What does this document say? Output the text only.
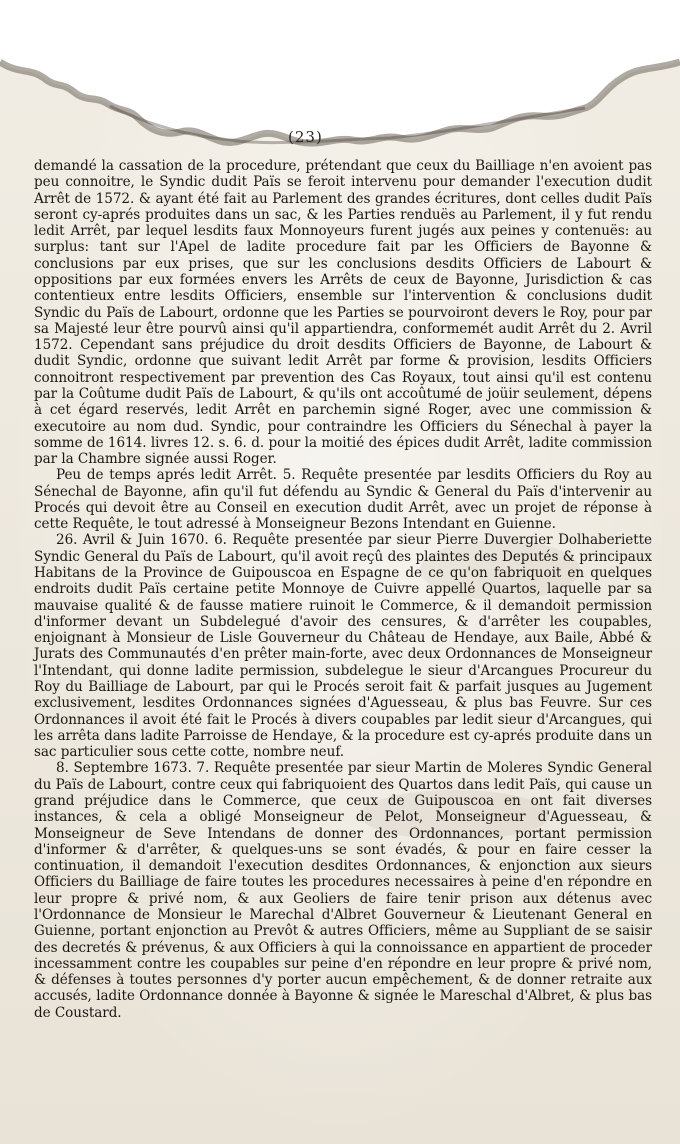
(23)

demandé la cassation de la procedure, prétendant que ceux du Bailliage n'en avoient pas peu connoitre, le Syndic dudit Païs se feroit intervenu pour demander l'execution dudit Arrêt de 1572. & ayant été fait au Parlement des grandes écritures, dont celles dudit Païs seront cy-aprés produites dans un sac, & les Parties renduës au Parlement, il y fut rendu ledit Arrêt, par lequel lesdits faux Monnoyeurs furent jugés aux peines y contenuës: au surplus: tant sur l'Apel de ladite procedure fait par les Officiers de Bayonne & conclusions par eux prises, que sur les conclusions desdits Officiers de Labourt & oppositions par eux formées envers les Arrêts de ceux de Bayonne, Jurisdiction & cas contentieux entre lesdits Officiers, ensemble sur l'intervention & conclusions dudit Syndic du Païs de Labourt, ordonne que les Parties se pourvoiront devers le Roy, pour par sa Majesté leur être pourvû ainsi qu'il appartiendra, conformemét audit Arrêt du 2. Avril 1572. Cependant sans préjudice du droit desdits Officiers de Bayonne, de Labourt & dudit Syndic, ordonne que suivant ledit Arrêt par forme & provision, lesdits Officiers connoitront respectivement par prevention des Cas Royaux, tout ainsi qu'il est contenu par la Coûtume dudit Païs de Labourt, & qu'ils ont accoûtumé de joüir seulement, dépens à cet égard reservés, ledit Arrêt en parchemin signé Roger, avec une commission & executoire au nom dud. Syndic, pour contraindre les Officiers du Sénechal à payer la somme de 1614. livres 12. s. 6. d. pour la moitié des épices dudit Arrêt, ladite commission par la Chambre signée aussi Roger.

Peu de temps aprés ledit Arrêt. 5. Requête presentée par lesdits Officiers du Roy au Sénechal de Bayonne, afin qu'il fut défendu au Syndic & General du Païs d'intervenir au Procés qui devoit être au Conseil en execution dudit Arrêt, avec un projet de réponse à cette Requête, le tout adressé à Monseigneur Bezons Intendant en Guienne.

26. Avril & Juin 1670. 6. Requête presentée par sieur Pierre Duvergier Dolhaberiette Syndic General du Païs de Labourt, qu'il avoit reçû des plaintes des Deputés & principaux Habitans de la Province de Guipouscoa en Espagne de ce qu'on fabriquoit en quelques endroits dudit Païs certaine petite Monnoye de Cuivre appellé Quartos, laquelle par sa mauvaise qualité & de fausse matiere ruinoit le Commerce, & il demandoit permission d'informer devant un Subdelegué d'avoir des censures, & d'arrêter les coupables, enjoignant à Monsieur de Lisle Gouverneur du Château de Hendaye, aux Baile, Abbé & Jurats des Communautés d'en prêter main-forte, avec deux Ordonnances de Monseigneur l'Intendant, qui donne ladite permission, subdelegue le sieur d'Arcangues Procureur du Roy du Bailliage de Labourt, par qui le Procés seroit fait & parfait jusques au Jugement exclusivement, lesdites Ordonnances signées d'Aguesseau, & plus bas Feuvre. Sur ces Ordonnances il avoit été fait le Procés à divers coupables par ledit sieur d'Arcangues, qui les arrêta dans ladite Parroisse de Hendaye, & la procedure est cy-aprés produite dans un sac particulier sous cette cotte, nombre neuf.

8. Septembre 1673. 7. Requête presentée par sieur Martin de Moleres Syndic General du Païs de Labourt, contre ceux qui fabriquoient des Quartos dans ledit Païs, qui cause un grand préjudice dans le Commerce, que ceux de Guipouscoa en ont fait diverses instances, & cela a obligé Monseigneur de Pelot, Monseigneur d'Aguesseau, & Monseigneur de Seve Intendans de donner des Ordonnances, portant permission d'informer & d'arrêter, & quelques-uns se sont évadés, & pour en faire cesser la continuation, il demandoit l'execution desdites Ordonnances, & enjonction aux sieurs Officiers du Bailliage de faire toutes les procedures necessaires à peine d'en répondre en leur propre & privé nom, & aux Geoliers de faire tenir prison aux détenus avec l'Ordonnance de Monsieur le Marechal d'Albret Gouverneur & Lieutenant General en Guienne, portant enjonction au Prevôt & autres Officiers, même au Suppliant de se saisir des decretés & prévenus, & aux Officiers à qui la connoissance en appartient de proceder incessamment contre les coupables sur peine d'en répondre en leur propre & privé nom, & défenses à toutes personnes d'y porter aucun empêchement, & de donner retraite aux accusés, ladite Ordonnance donnée à Bayonne & signée le Mareschal d'Albret, & plus bas de Coustard.
